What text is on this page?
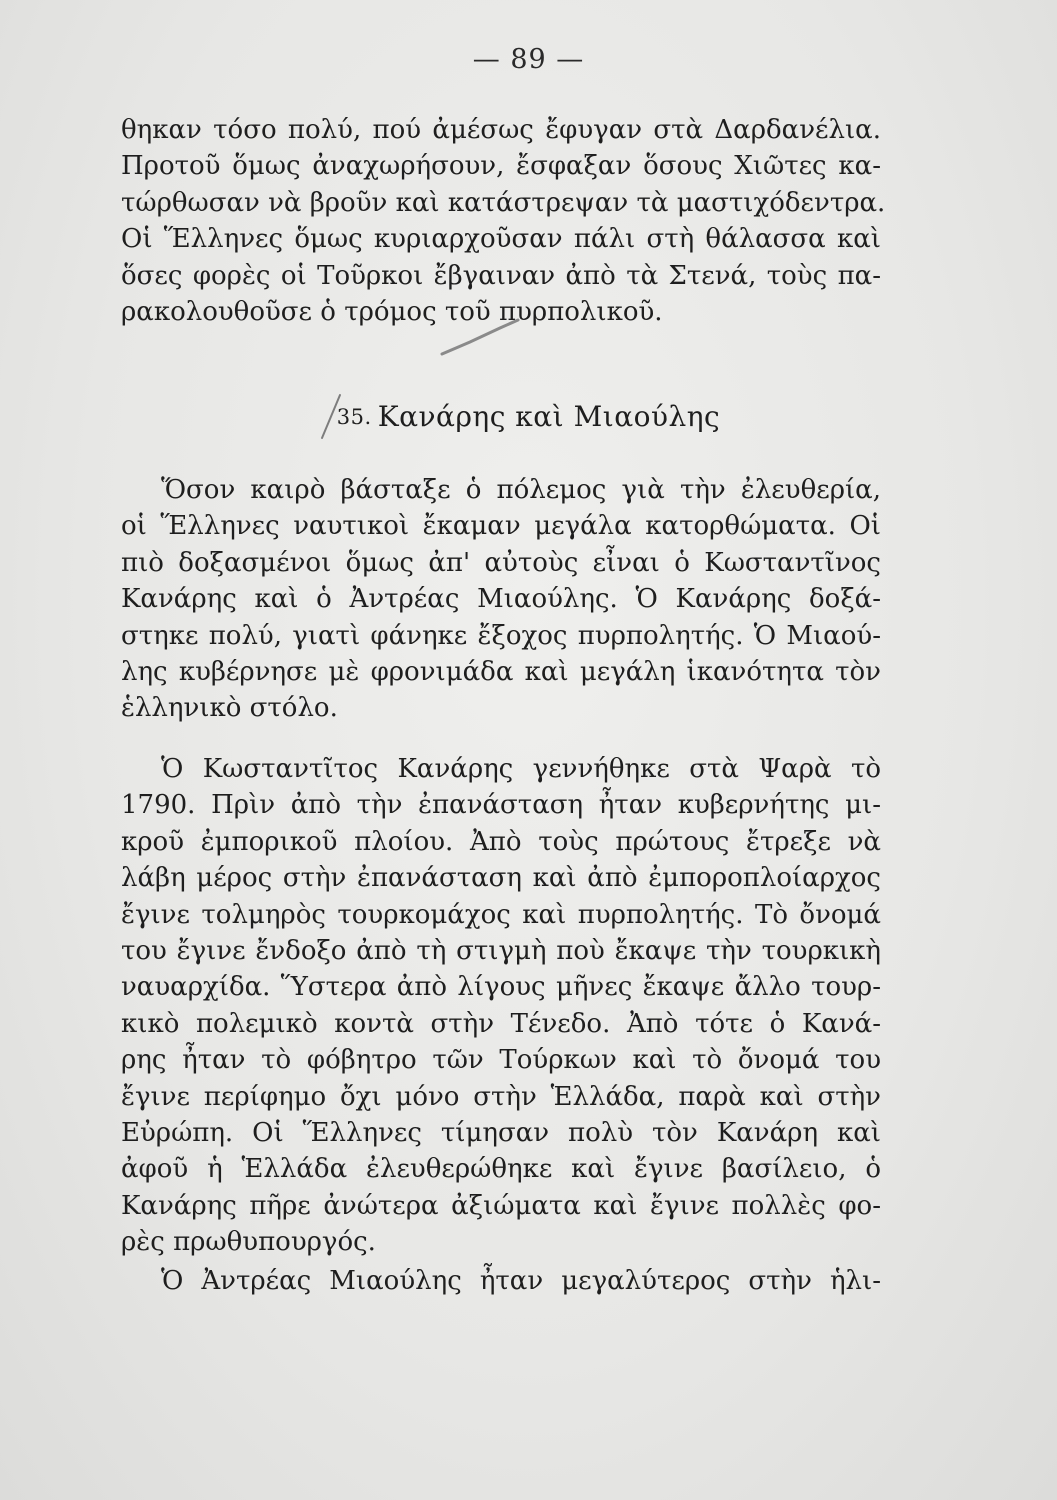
— 89 —
θηκαν τόσο πολύ, πού ἀμέσως ἔφυγαν στὰ Δαρδανέλια.
Προτοῦ ὅμως ἀναχωρήσουν, ἔσφαξαν ὅσους Χιῶτες κα-
τώρθωσαν νὰ βροῦν καὶ κατάστρεψαν τὰ μαστιχόδεντρα.
Οἱ Ἕλληνες ὅμως κυριαρχοῦσαν πάλι στὴ θάλασσα καὶ
ὅσες φορὲς οἱ Τοῦρκοι ἔβγαιναν ἀπὸ τὰ Στενά, τοὺς πα-
ρακολουθοῦσε ὁ τρόμος τοῦ πυρπολικοῦ.
35. Κανάρης καὶ Μιαούλης
Ὅσον καιρὸ βάσταξε ὁ πόλεμος γιὰ τὴν ἐλευθερία,
οἱ Ἕλληνες ναυτικοὶ ἔκαμαν μεγάλα κατορθώματα. Οἱ
πιὸ δοξασμένοι ὅμως ἀπ' αὐτοὺς εἶναι ὁ Κωσταντῖνος
Κανάρης καὶ ὁ Ἀντρέας Μιαούλης. Ὁ Κανάρης δοξά-
στηκε πολύ, γιατὶ φάνηκε ἔξοχος πυρπολητής. Ὁ Μιαού-
λης κυβέρνησε μὲ φρονιμάδα καὶ μεγάλη ἱκανότητα τὸν
ἑλληνικὸ στόλο.
Ὁ Κωσταντῖτος Κανάρης γεννήθηκε στὰ Ψαρὰ τὸ
1790. Πρὶν ἀπὸ τὴν ἐπανάσταση ἦταν κυβερνήτης μι-
κροῦ ἐμπορικοῦ πλοίου. Ἀπὸ τοὺς πρώτους ἔτρεξε νὰ
λάβη μέρος στὴν ἐπανάσταση καὶ ἀπὸ ἐμποροπλοίαρχος
ἔγινε τολμηρὸς τουρκομάχος καὶ πυρπολητής. Τὸ ὄνομά
του ἔγινε ἔνδοξο ἀπὸ τὴ στιγμὴ πoὺ ἔκαψε τὴν τουρκικὴ
ναυαρχίδα. Ὕστερα ἀπὸ λίγους μῆνες ἔκαψε ἄλλο τουρ-
κικὸ πολεμικὸ κοντὰ στὴν Τένεδο. Ἀπὸ τότε ὁ Κανά-
ρης ἦταν τὸ φόβητρο τῶν Τούρκων καὶ τὸ ὄνομά του
ἔγινε περίφημο ὄχι μόνο στὴν Ἑλλάδα, παρὰ καὶ στὴν
Εὐρώπη. Οἱ Ἕλληνες τίμησαν πολὺ τὸν Κανάρη καὶ
ἀφοῦ ἡ Ἑλλάδα ἐλευθερώθηκε καὶ ἔγινε βασίλειο, ὁ
Κανάρης πῆρε ἀνώτερα ἀξιώματα καὶ ἔγινε πολλὲς φο-
ρὲς πρωθυπουργός.
Ὁ Ἀντρέας Μιαούλης ἦταν μεγαλύτερος στὴν ἡλι-
